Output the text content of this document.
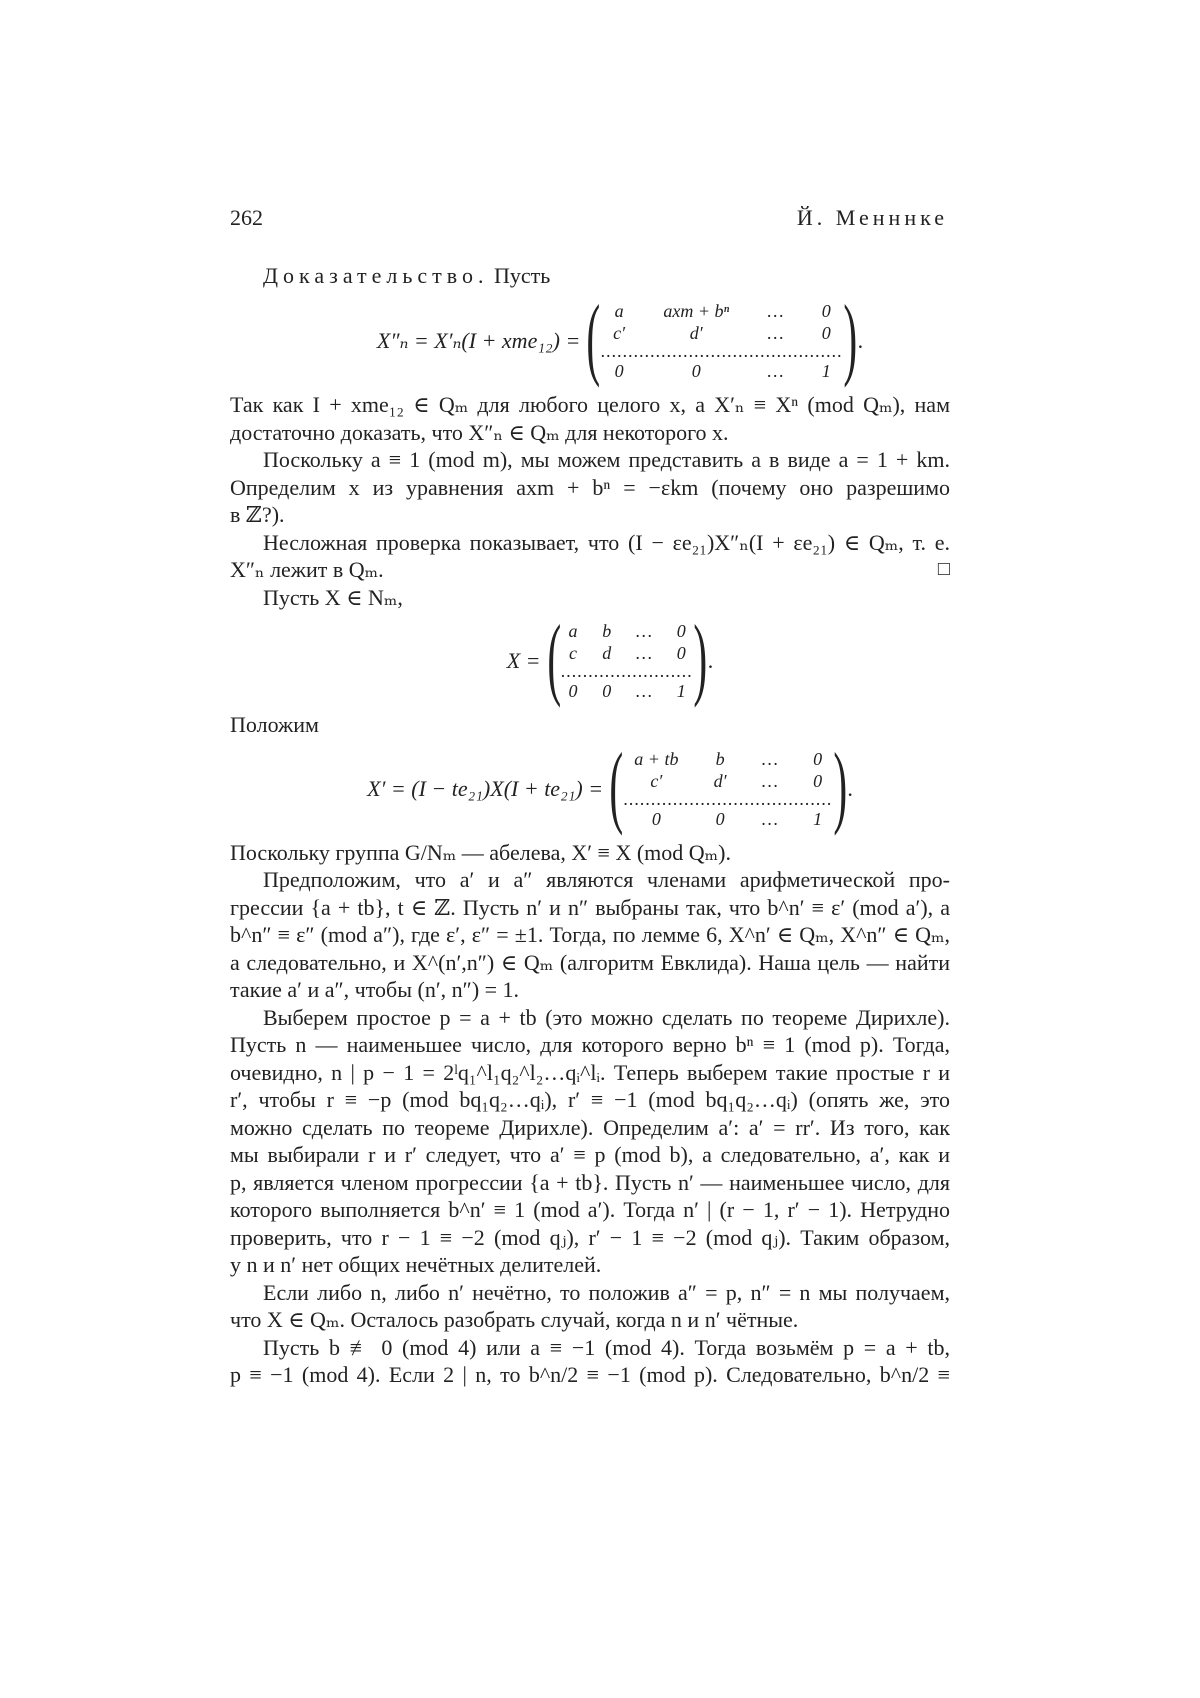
262	Й. Менннке
Доказательство. Пусть
X″ₙ = X′ₙ(I + xme₁₂) = ( a	axm + bⁿ	…	0
c′	d′	…	0
............................................
0	0	…	1 ) .
Так как I + xme₁₂ ∈ Qₘ для любого целого x, а X′ₙ ≡ Xⁿ (mod Qₘ), нам
достаточно доказать, что X″ₙ ∈ Qₘ для некоторого x.
Поскольку a ≡ 1 (mod m), мы можем представить a в виде a = 1 + km.
Определим x из уравнения axm + bⁿ = −εkm (почему оно разрешимо
в ℤ?).
Несложная проверка показывает, что (I − εe₂₁)X″ₙ(I + εe₂₁) ∈ Qₘ, т. е.
X″ₙ лежит в Qₘ.	□
Пусть X ∈ Nₘ,
X = ( a	b	…	0
c	d	…	0
........................
0	0	…	1 ) .
Положим
X′ = (I − te₂₁)X(I + te₂₁) = ( a + tb	b	…	0
c′	d′	…	0
......................................
0	0	…	1 ) .
Поскольку группа G/Nₘ — абелева, X′ ≡ X (mod Qₘ).
Предположим, что a′ и a″ являются членами арифметической про-
грессии {a + tb}, t ∈ ℤ. Пусть n′ и n″ выбраны так, что b^n′ ≡ ε′ (mod a′), а
b^n″ ≡ ε″ (mod a″), где ε′, ε″ = ±1. Тогда, по лемме 6, X^n′ ∈ Qₘ, X^n″ ∈ Qₘ,
а следовательно, и X^(n′,n″) ∈ Qₘ (алгоритм Евклида). Наша цель — найти
такие a′ и a″, чтобы (n′, n″) = 1.
Выберем простое p = a + tb (это можно сделать по теореме Дирихле).
Пусть n — наименьшее число, для которого верно bⁿ ≡ 1 (mod p). Тогда,
очевидно, n | p − 1 = 2ˡq₁^l₁q₂^l₂…qᵢ^lᵢ. Теперь выберем такие простые r и
r′, чтобы r ≡ −p (mod bq₁q₂…qᵢ), r′ ≡ −1 (mod bq₁q₂…qᵢ) (опять же, это
можно сделать по теореме Дирихле). Определим a′: a′ = rr′. Из того, как
мы выбирали r и r′ следует, что a′ ≡ p (mod b), а следовательно, a′, как и
p, является членом прогрессии {a + tb}. Пусть n′ — наименьшее число, для
которого выполняется b^n′ ≡ 1 (mod a′). Тогда n′ | (r − 1, r′ − 1). Нетрудно
проверить, что r − 1 ≡ −2 (mod qⱼ), r′ − 1 ≡ −2 (mod qⱼ). Таким образом,
у n и n′ нет общих нечётных делителей.
Если либо n, либо n′ нечётно, то положив a″ = p, n″ = n мы получаем,
что X ∈ Qₘ. Осталось разобрать случай, когда n и n′ чётные.
Пусть b ≢ 0 (mod 4) или a ≡ −1 (mod 4). Тогда возьмём p = a + tb,
p ≡ −1 (mod 4). Если 2 | n, то b^n/2 ≡ −1 (mod p). Следовательно, b^n/2 ≡
